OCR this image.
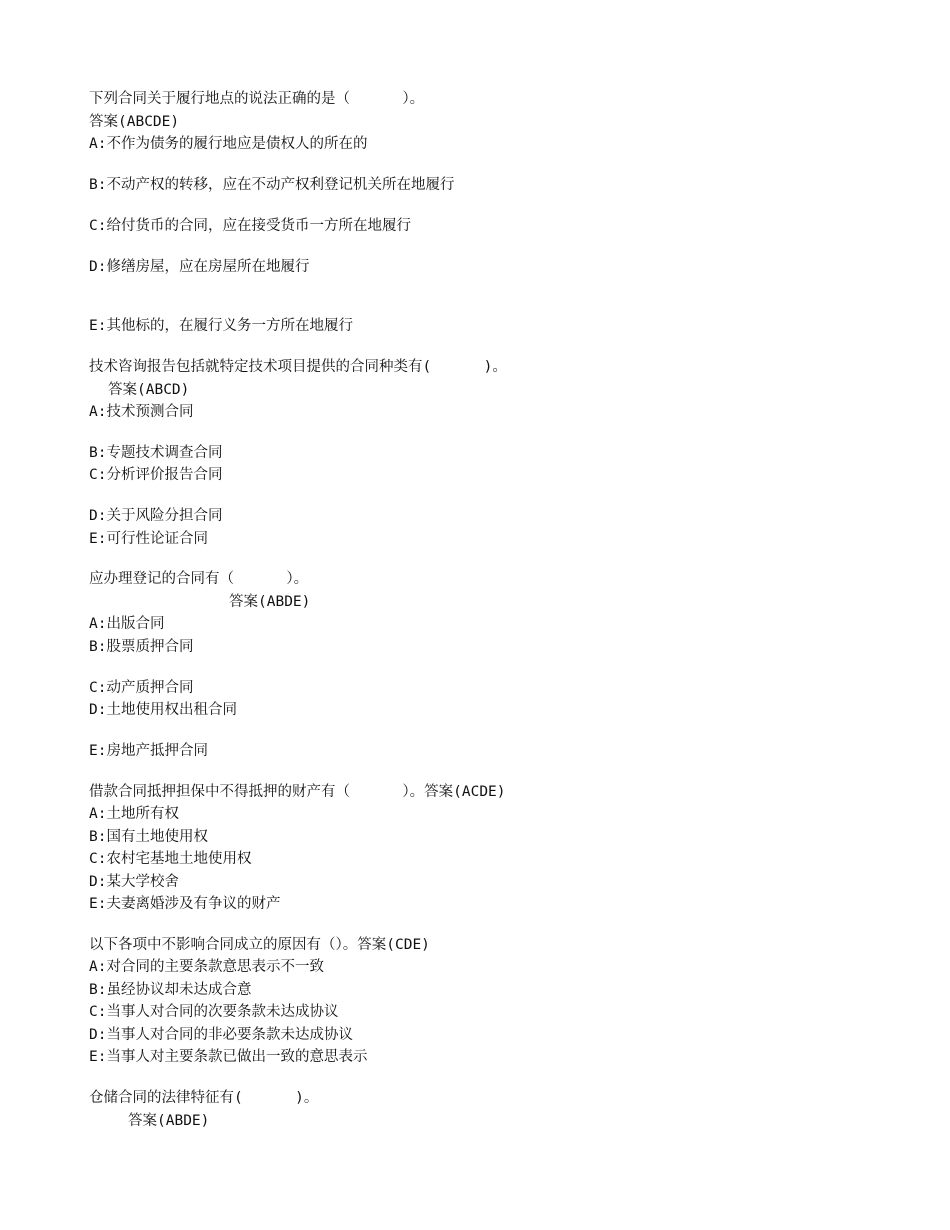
下列合同关于履行地点的说法正确的是（      ）。
答案(ABCDE)
A:不作为债务的履行地应是债权人的所在的
B:不动产权的转移，应在不动产权利登记机关所在地履行
C:给付货币的合同，应在接受货币一方所在地履行
D:修缮房屋，应在房屋所在地履行
E:其他标的，在履行义务一方所在地履行
技术咨询报告包括就特定技术项目提供的合同种类有(      )。
答案(ABCD)
A:技术预测合同
B:专题技术调查合同
C:分析评价报告合同
D:关于风险分担合同
E:可行性论证合同
应办理登记的合同有（      ）。
答案(ABDE)
A:出版合同
B:股票质押合同
C:动产质押合同
D:土地使用权出租合同
E:房地产抵押合同
借款合同抵押担保中不得抵押的财产有（      ）。答案(ACDE)
A:土地所有权
B:国有土地使用权
C:农村宅基地土地使用权
D:某大学校舍
E:夫妻离婚涉及有争议的财产
以下各项中不影响合同成立的原因有（）。答案(CDE)
A:对合同的主要条款意思表示不一致
B:虽经协议却未达成合意
C:当事人对合同的次要条款未达成协议
D:当事人对合同的非必要条款未达成协议
E:当事人对主要条款已做出一致的意思表示
仓储合同的法律特征有(      )。
答案(ABDE)
